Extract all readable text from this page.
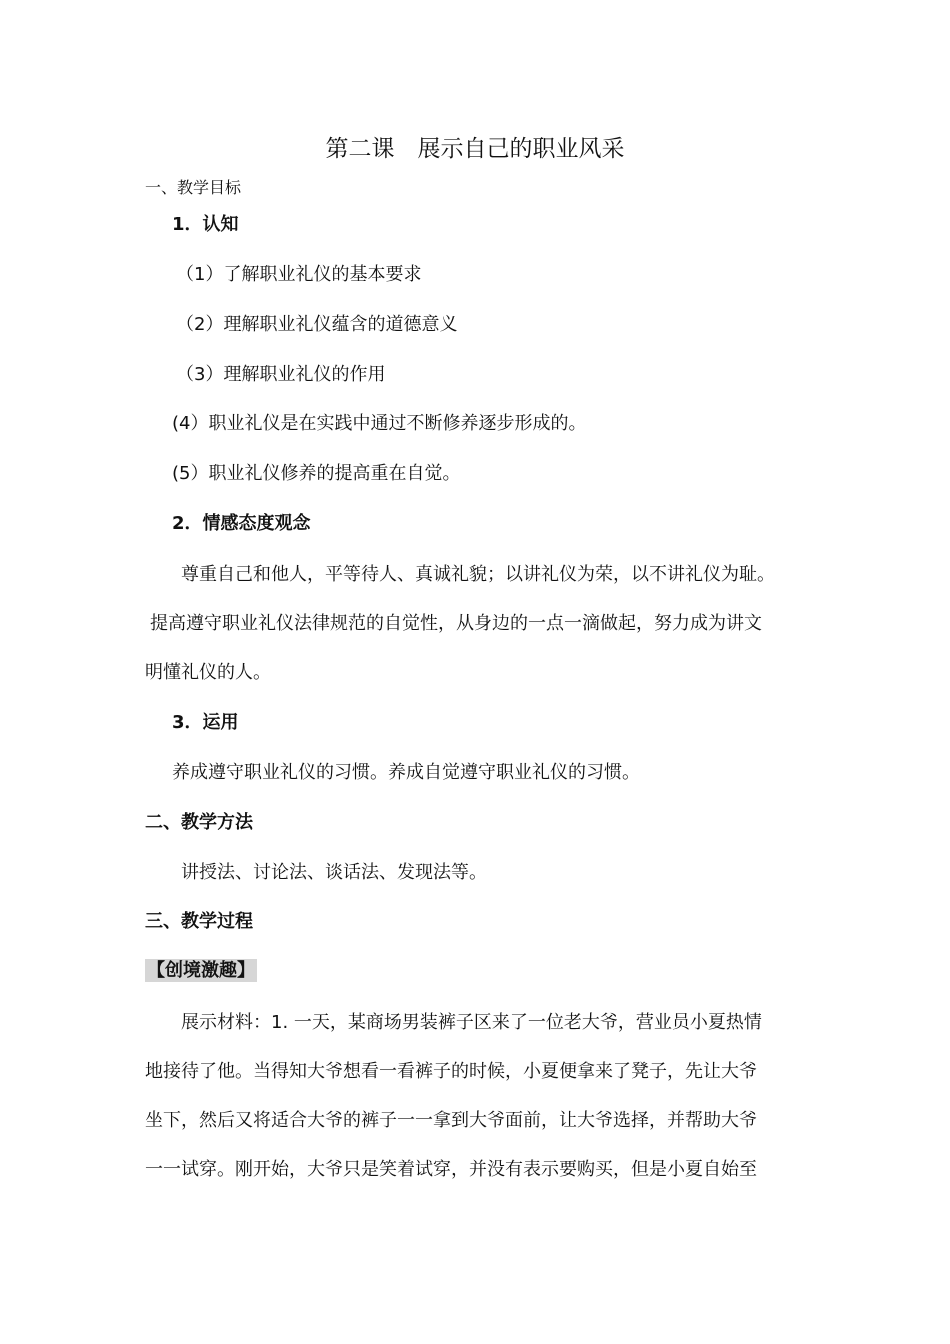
第二课　展示自己的职业风采
一、教学目标
1．认知
（1）了解职业礼仪的基本要求
（2）理解职业礼仪蕴含的道德意义
（3）理解职业礼仪的作用
(4）职业礼仪是在实践中通过不断修养逐步形成的。
(5）职业礼仪修养的提高重在自觉。
2．情感态度观念
尊重自己和他人，平等待人、真诚礼貌；以讲礼仪为荣，以不讲礼仪为耻。
提高遵守职业礼仪法律规范的自觉性，从身边的一点一滴做起，努力成为讲文
明懂礼仪的人。
3．运用
养成遵守职业礼仪的习惯。养成自觉遵守职业礼仪的习惯。
二、教学方法
讲授法、讨论法、谈话法、发现法等。
三、教学过程
【创境激趣】
展示材料：1. 一天，某商场男装裤子区来了一位老大爷，营业员小夏热情
地接待了他。当得知大爷想看一看裤子的时候，小夏便拿来了凳子，先让大爷
坐下，然后又将适合大爷的裤子一一拿到大爷面前，让大爷选择，并帮助大爷
一一试穿。刚开始，大爷只是笑着试穿，并没有表示要购买，但是小夏自始至
